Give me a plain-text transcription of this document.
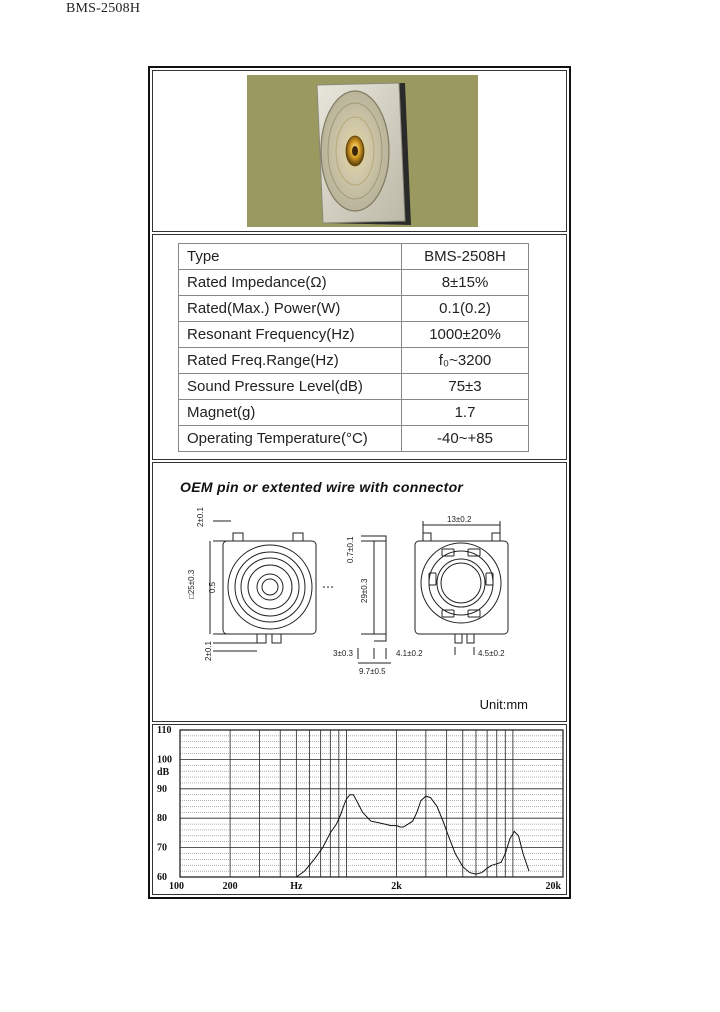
BMS-2508H
Type	BMS-2508H
Rated Impedance(Ω)	8±15%
Rated(Max.) Power(W)	0.1(0.2)
Resonant Frequency(Hz)	1000±20%
Rated Freq.Range(Hz)	f₀~3200
Sound Pressure Level(dB)	75±3
Magnet(g)	1.7
Operating Temperature(°C)	-40~+85
OEM pin or extented wire with connector
2±0.1
□25±0.3 0.5
2±0.1
0.7±0.1
29±0.3
3±0.3	4.1±0.2
9.7±0.5
13±0.2
4.5±0.2
Unit:mm
110
100
90
80
70
60
100	200	Hz	2k	20k
dB
